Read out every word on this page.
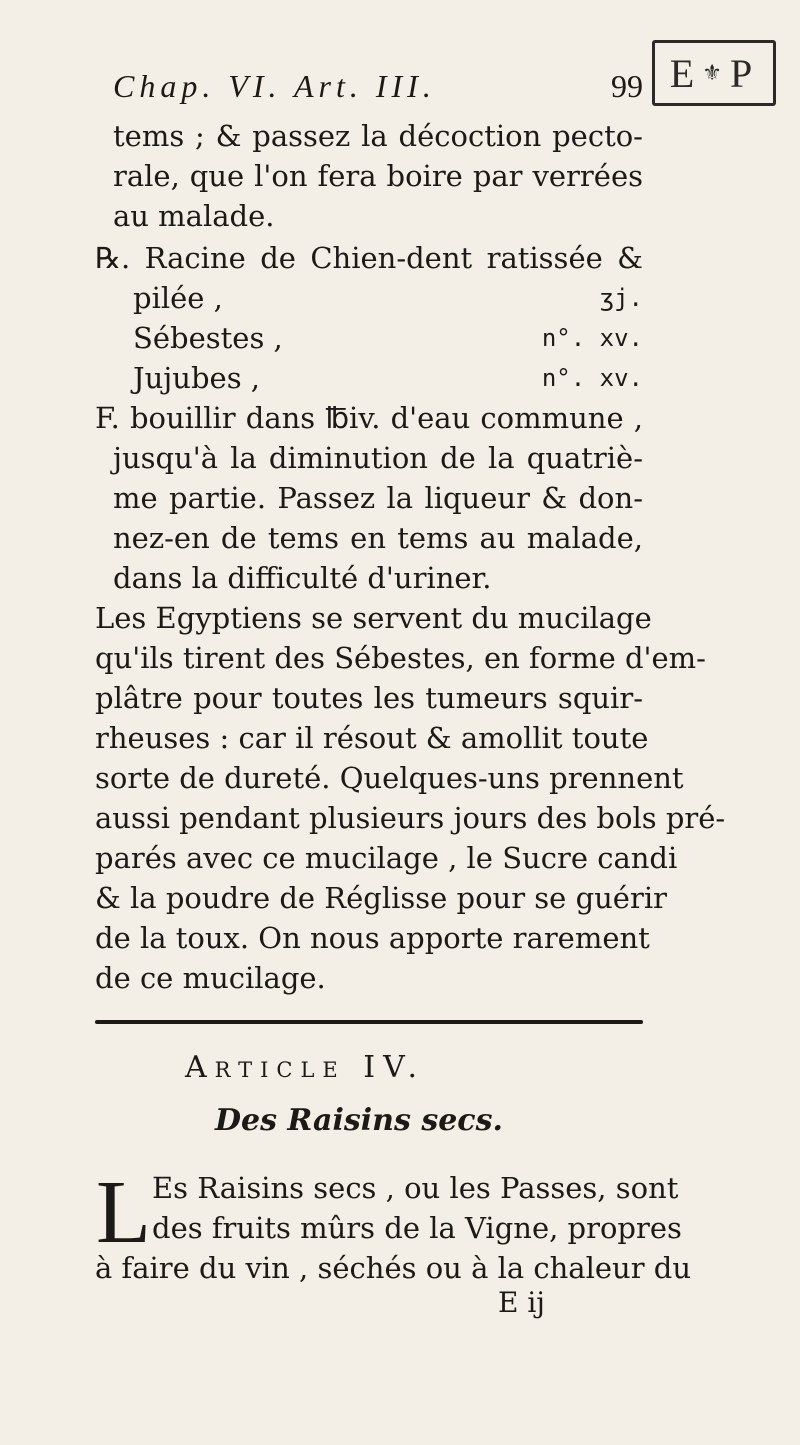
E ⚜ P
Chap. VI. Art. III.	99
tems ; & passez la décoction pecto-
rale, que l'on fera boire par verrées
au malade.
℞. Racine de Chien-dent ratissée &
pilée ,	ʒj.
Sébestes ,	n°. xv.
Jujubes ,	n°. xv.
F. bouillir dans ℔iv. d'eau commune ,
jusqu'à la diminution de la quatriè-
me partie. Passez la liqueur & don-
nez-en de tems en tems au malade,
dans la difficulté d'uriner.
Les Egyptiens se servent du mucilage
qu'ils tirent des Sébestes, en forme d'em-
plâtre pour toutes les tumeurs squir-
rheuses : car il résout & amollit toute
sorte de dureté. Quelques-uns prennent
aussi pendant plusieurs jours des bols pré-
parés avec ce mucilage , le Sucre candi
& la poudre de Réglisse pour se guérir
de la toux. On nous apporte rarement
de ce mucilage.
Article IV.
Des Raisins secs.
L Es Raisins secs , ou les Passes, sont
des fruits mûrs de la Vigne, propres
à faire du vin , séchés ou à la chaleur du
E ij
